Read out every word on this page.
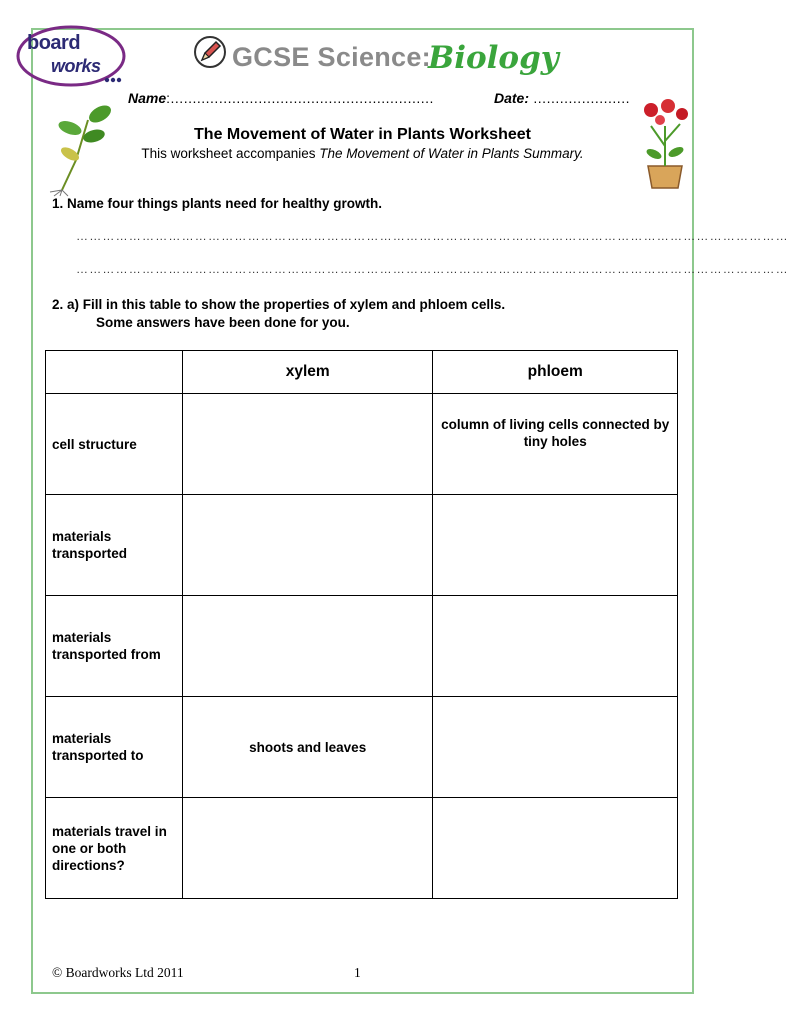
board
works	GCSE Science:
Biology
Name:............................................................	Date: ......................
The Movement of Water in Plants Worksheet
This worksheet accompanies The Movement of Water in Plants Summary.
1. Name four things plants need for healthy growth.
………………………………………………………………………………………………………………………………………………
………………………………………………………………………………………………………………………………………………
2. a) Fill in this table to show the properties of xylem and phloem cells.
Some answers have been done for you.
	xylem	phloem
cell structure		column of living cells connected by tiny holes
materials transported		
materials transported from		
materials transported to	shoots and leaves	
materials travel in one or both directions?		
© Boardworks Ltd 2011	1
